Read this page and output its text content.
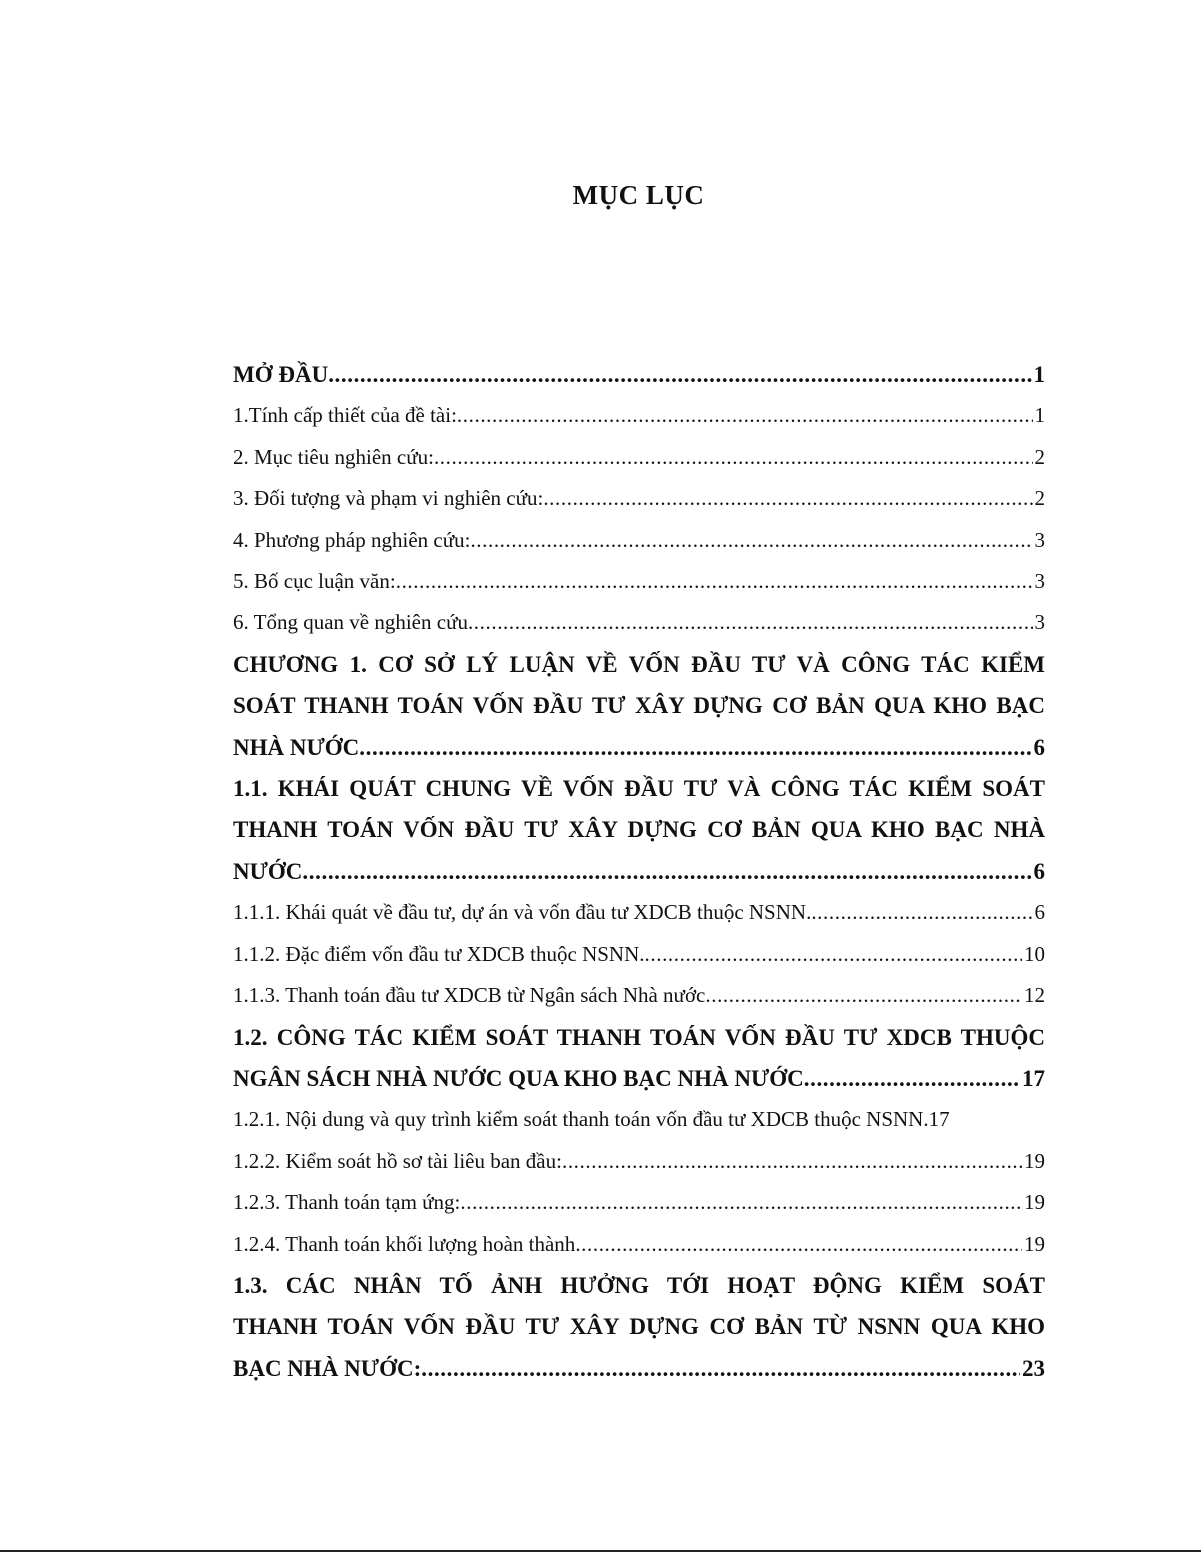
MỤC LỤC
MỞ ĐẦU .....	1
1.Tính cấp thiết của đề tài: .....	1
2. Mục tiêu nghiên cứu: .....	2
3. Đối tượng và phạm vi nghiên cứu: .....	2
4. Phương pháp nghiên cứu: .....	3
5. Bố cục luận văn: .....	3
6. Tổng quan về nghiên cứu .....	3
CHƯƠNG 1. CƠ SỞ LÝ LUẬN VỀ VỐN ĐẦU TƯ VÀ CÔNG TÁC KIỂM
SOÁT THANH TOÁN VỐN ĐẦU TƯ XÂY DỰNG CƠ BẢN QUA KHO BẠC
NHÀ NƯỚC .....	6
1.1. KHÁI QUÁT CHUNG VỀ VỐN ĐẦU TƯ VÀ CÔNG TÁC KIỂM SOÁT
THANH TOÁN VỐN ĐẦU TƯ XÂY DỰNG CƠ BẢN QUA KHO BẠC NHÀ
NƯỚC .....	6
1.1.1. Khái quát về đầu tư, dự án và vốn đầu tư XDCB thuộc NSNN. .....	6
1.1.2. Đặc điểm vốn đầu tư XDCB thuộc NSNN. .....	10
1.1.3. Thanh toán đầu tư XDCB từ Ngân sách Nhà nước .....	12
1.2. CÔNG TÁC KIỂM SOÁT THANH TOÁN VỐN ĐẦU TƯ XDCB THUỘC
NGÂN SÁCH NHÀ NƯỚC QUA KHO BẠC NHÀ NƯỚC .....	17
1.2.1. Nội dung và quy trình kiểm soát thanh toán vốn đầu tư XDCB thuộc NSNN. 17
1.2.2. Kiểm soát hồ sơ tài liêu ban đầu: .....	19
1.2.3. Thanh toán tạm ứng: .....	19
1.2.4. Thanh toán khối lượng hoàn thành .....	19
1.3. CÁC NHÂN TỐ ẢNH HƯỞNG TỚI HOẠT ĐỘNG KIỂM SOÁT
THANH TOÁN VỐN ĐẦU TƯ XÂY DỰNG CƠ BẢN TỪ NSNN QUA KHO
BẠC NHÀ NƯỚC: .....	23
